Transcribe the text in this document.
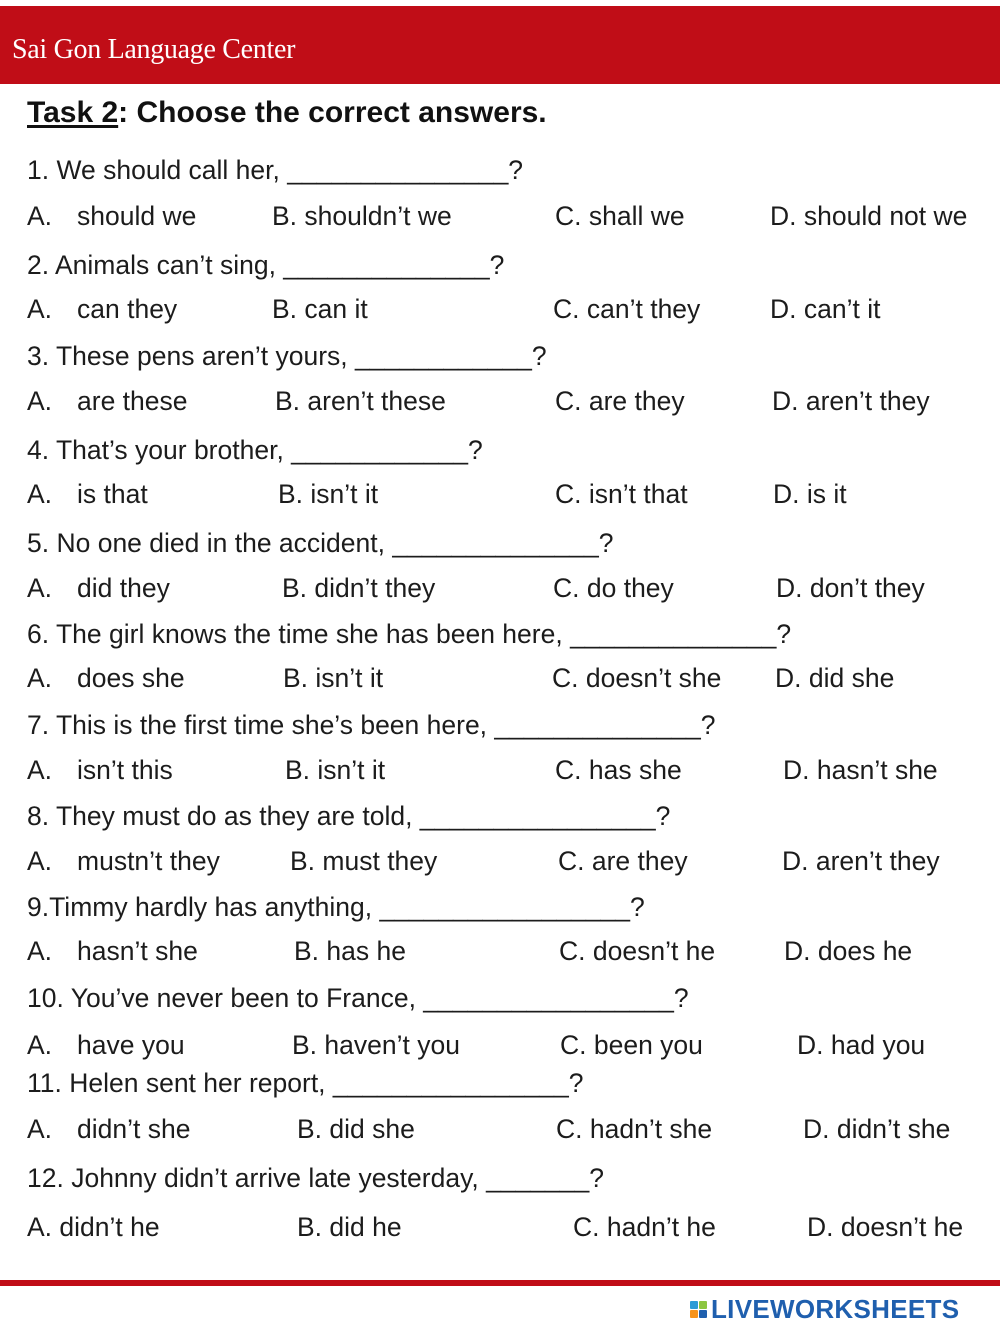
Sai Gon Language Center
Task 2: Choose the correct answers.
1. We should call her, _______________?
A. should we	B. shouldn’t we	C. shall we	D. should not we
2. Animals can’t sing, ______________?
A. can they	B. can it	C. can’t they	D. can’t it
3. These pens aren’t yours, ____________?
A. are these	B. aren’t these	C. are they	D. aren’t they
4. That’s your brother, ____________?
A. is that	B. isn’t it	C. isn’t that	D. is it
5. No one died in the accident, ______________?
A. did they	B. didn’t they	C. do they	D. don’t they
6. The girl knows the time she has been here, ______________?
A. does she	B. isn’t it	C. doesn’t she D. did she
7. This is the first time she’s been here, ______________?
A. isn’t this	B. isn’t it	C. has she	D. hasn’t she
8. They must do as they are told, ________________?
A. mustn’t they	B. must they	C. are they	D. aren’t they
9.Timmy hardly has anything, _________________?
A. hasn’t she	B. has he	C. doesn’t he	D. does he
10. You’ve never been to France, _________________?
A. have you	B. haven’t you	C. been you	D. had you
11. Helen sent her report, ________________?
A. didn’t she	B. did she	C. hadn’t she	D. didn’t she
12. Johnny didn’t arrive late yesterday, _______?
A. didn’t he	B. did he	C. hadn’t he	D. doesn’t he
LIVEWORKSHEETS
